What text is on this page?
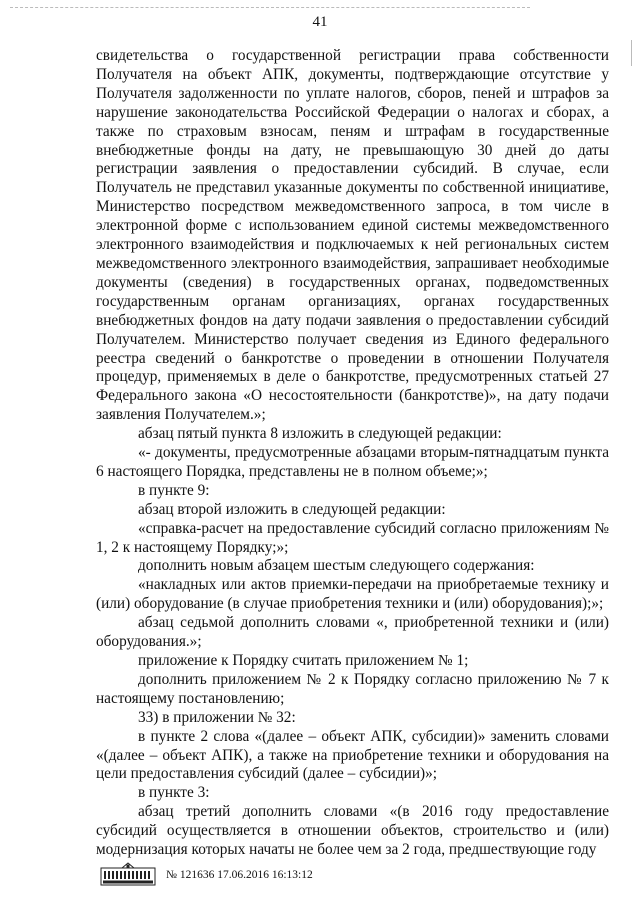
41

свидетельства о государственной регистрации права собственности Получателя на объект АПК, документы, подтверждающие отсутствие у Получателя задолженности по уплате налогов, сборов, пеней и штрафов за нарушение законодательства Российской Федерации о налогах и сборах, а также по страховым взносам, пеням и штрафам в государственные внебюджетные фонды на дату, не превышающую 30 дней до даты регистрации заявления о предоставлении субсидий. В случае, если Получатель не представил указанные документы по собственной инициативе, Министерство посредством межведомственного запроса, в том числе в электронной форме с использованием единой системы межведомственного электронного взаимодействия и подключаемых к ней региональных систем межведомственного электронного взаимодействия, запрашивает необходимые документы (сведения) в государственных органах, подведомственных государственным органам организациях, органах государственных внебюджетных фондов на дату подачи заявления о предоставлении субсидий Получателем. Министерство получает сведения из Единого федерального реестра сведений о банкротстве о проведении в отношении Получателя процедур, применяемых в деле о банкротстве, предусмотренных статьей 27 Федерального закона «О несостоятельности (банкротстве)», на дату подачи заявления Получателем.»;

абзац пятый пункта 8 изложить в следующей редакции:

«- документы, предусмотренные абзацами вторым-пятнадцатым пункта 6 настоящего Порядка, представлены не в полном объеме;»;

в пункте 9:

абзац второй изложить в следующей редакции:

«справка-расчет на предоставление субсидий согласно приложениям № 1, 2 к настоящему Порядку;»;

дополнить новым абзацем шестым следующего содержания:

«накладных или актов приемки-передачи на приобретаемые технику и (или) оборудование (в случае приобретения техники и (или) оборудования);»;

абзац седьмой дополнить словами «, приобретенной техники и (или) оборудования.»;

приложение к Порядку считать приложением № 1;

дополнить приложением № 2 к Порядку согласно приложению № 7 к настоящему постановлению;

33) в приложении № 32:

в пункте 2 слова «(далее – объект АПК, субсидии)» заменить словами «(далее – объект АПК), а также на приобретение техники и оборудования на цели предоставления субсидий (далее – субсидии)»;

в пункте 3:

абзац третий дополнить словами «(в 2016 году предоставление субсидий осуществляется в отношении объектов, строительство и (или) модернизация которых начаты не более чем за 2 года, предшествующие году

№ 121636 17.06.2016 16:13:12
